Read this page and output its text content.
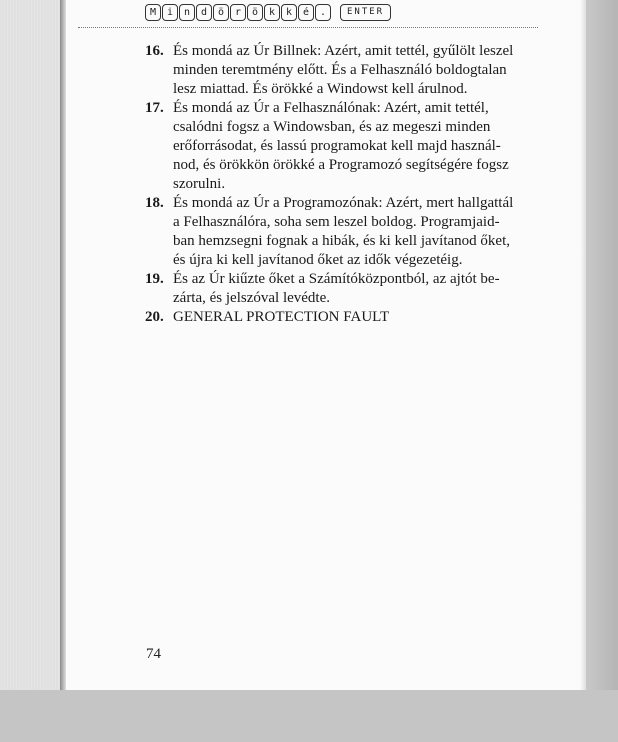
M	i	n	d	ö	r	ö	k	k	é	.	ENTER
16. És mondá az Úr Billnek: Azért, amit tettél, gyűlölt leszel
minden teremtmény előtt. És a Felhasználó boldogtalan
lesz miattad. És örökké a Windowst kell árulnod.
17. És mondá az Úr a Felhasználónak: Azért, amit tettél,
csalódni fogsz a Windowsban, és az megeszi minden
erőforrásodat, és lassú programokat kell majd használ-
nod, és örökkön örökké a Programozó segítségére fogsz
szorulni.
18. És mondá az Úr a Programozónak: Azért, mert hallgattál
a Felhasználóra, soha sem leszel boldog. Programjaid-
ban hemzsegni fognak a hibák, és ki kell javítanod őket,
és újra ki kell javítanod őket az idők végezetéig.
19. És az Úr kiűzte őket a Számítóközpontból, az ajtót be-
zárta, és jelszóval levédte.
20. GENERAL PROTECTION FAULT
74
